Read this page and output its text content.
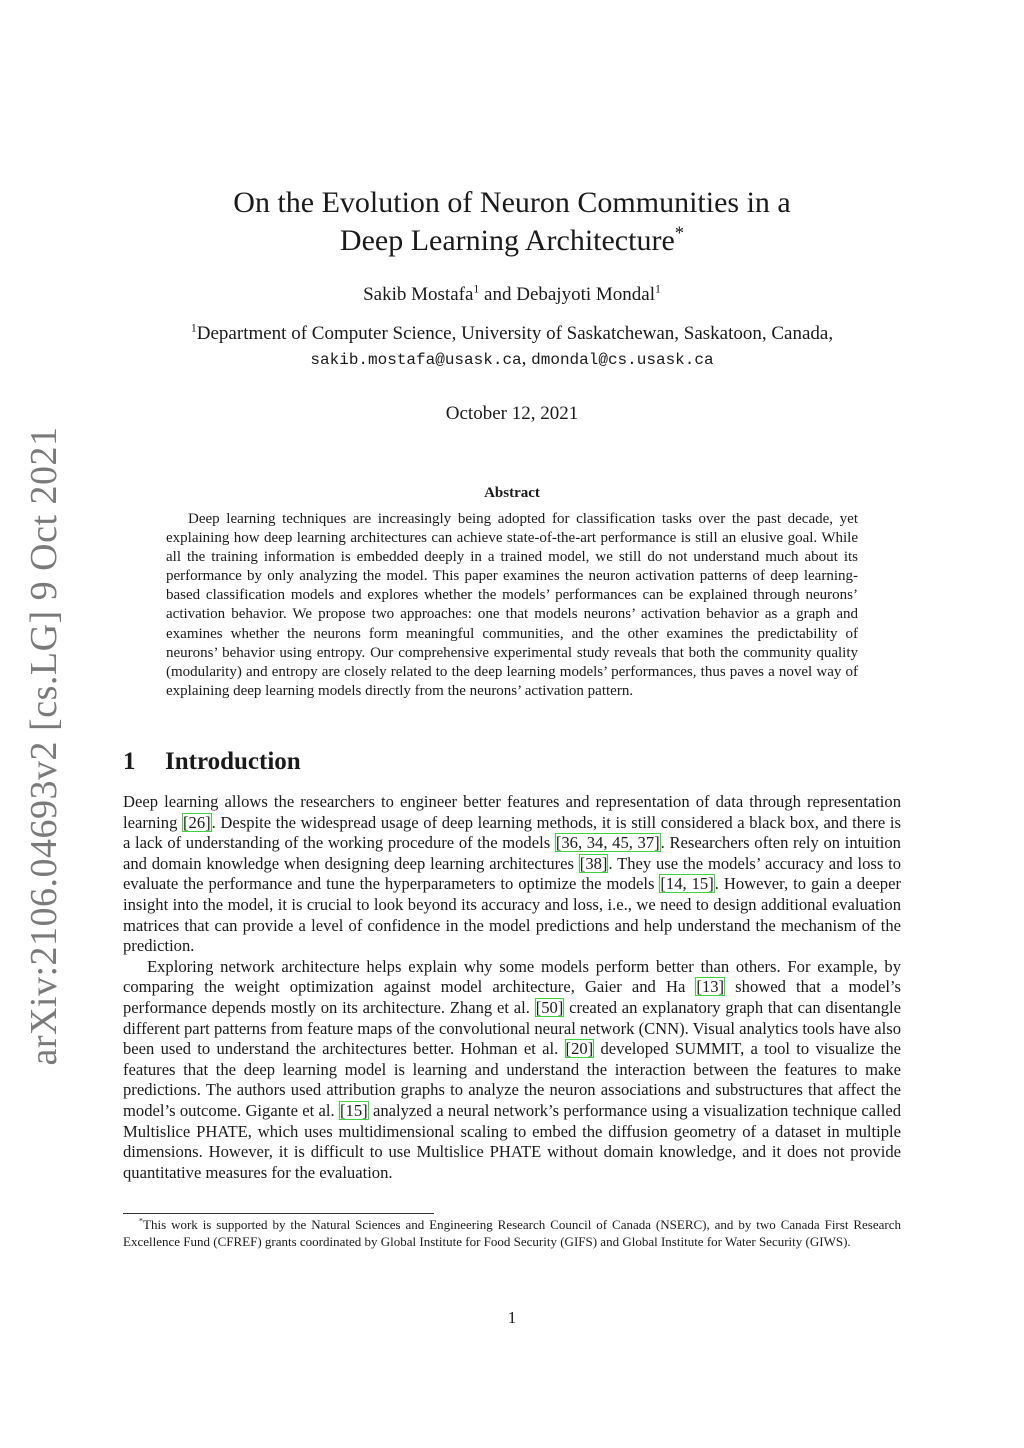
arXiv:2106.04693v2 [cs.LG] 9 Oct 2021
On the Evolution of Neuron Communities in a
Deep Learning Architecture*
Sakib Mostafa$^1$ and Debajyoti Mondal$^1$
$^1$Department of Computer Science, University of Saskatchewan, Saskatoon, Canada,
sakib.mostafa@usask.ca, dmondal@cs.usask.ca
October 12, 2021
Abstract
Deep learning techniques are increasingly being adopted for classification tasks over the past decade, yet explaining how deep learning architectures can achieve state-of-the-art performance is still an elusive goal. While all the training information is embedded deeply in a trained model, we still do not understand much about its performance by only analyzing the model. This paper examines the neuron activation patterns of deep learning-based classification models and explores whether the models’ performances can be explained through neurons’ activation behavior. We propose two approaches: one that models neurons’ activation behavior as a graph and examines whether the neurons form meaningful communities, and the other examines the predictability of neurons’ behavior using entropy. Our comprehensive experimental study reveals that both the community quality (modularity) and entropy are closely related to the deep learning models’ performances, thus paves a novel way of explaining deep learning models directly from the neurons’ activation pattern.
1 Introduction

Deep learning allows the researchers to engineer better features and representation of data through representation learning [26]. Despite the widespread usage of deep learning methods, it is still considered a black box, and there is a lack of understanding of the working procedure of the models [36, 34, 45, 37]. Researchers often rely on intuition and domain knowledge when designing deep learning architectures [38]. They use the models’ accuracy and loss to evaluate the performance and tune the hyperparameters to optimize the models [14, 15]. However, to gain a deeper insight into the model, it is crucial to look beyond its accuracy and loss, i.e., we need to design additional evaluation matrices that can provide a level of confidence in the model predictions and help understand the mechanism of the prediction.

Exploring network architecture helps explain why some models perform better than others. For example, by comparing the weight optimization against model architecture, Gaier and Ha [13] showed that a model’s performance depends mostly on its architecture. Zhang et al. [50] created an explanatory graph that can disentangle different part patterns from feature maps of the convolutional neural network (CNN). Visual analytics tools have also been used to understand the architectures better. Hohman et al. [20] developed SUMMIT, a tool to visualize the features that the deep learning model is learning and understand the interaction between the features to make predictions. The authors used attribution graphs to analyze the neuron associations and substructures that affect the model’s outcome. Gigante et al. [15] analyzed a neural network’s performance using a visualization technique called Multislice PHATE, which uses multidimensional scaling to embed the diffusion geometry of a dataset in multiple dimensions. However, it is difficult to use Multislice PHATE without domain knowledge, and it does not provide quantitative measures for the evaluation.

*This work is supported by the Natural Sciences and Engineering Research Council of Canada (NSERC), and by two Canada First Research Excellence Fund (CFREF) grants coordinated by Global Institute for Food Security (GIFS) and Global Institute for Water Security (GIWS).
1
